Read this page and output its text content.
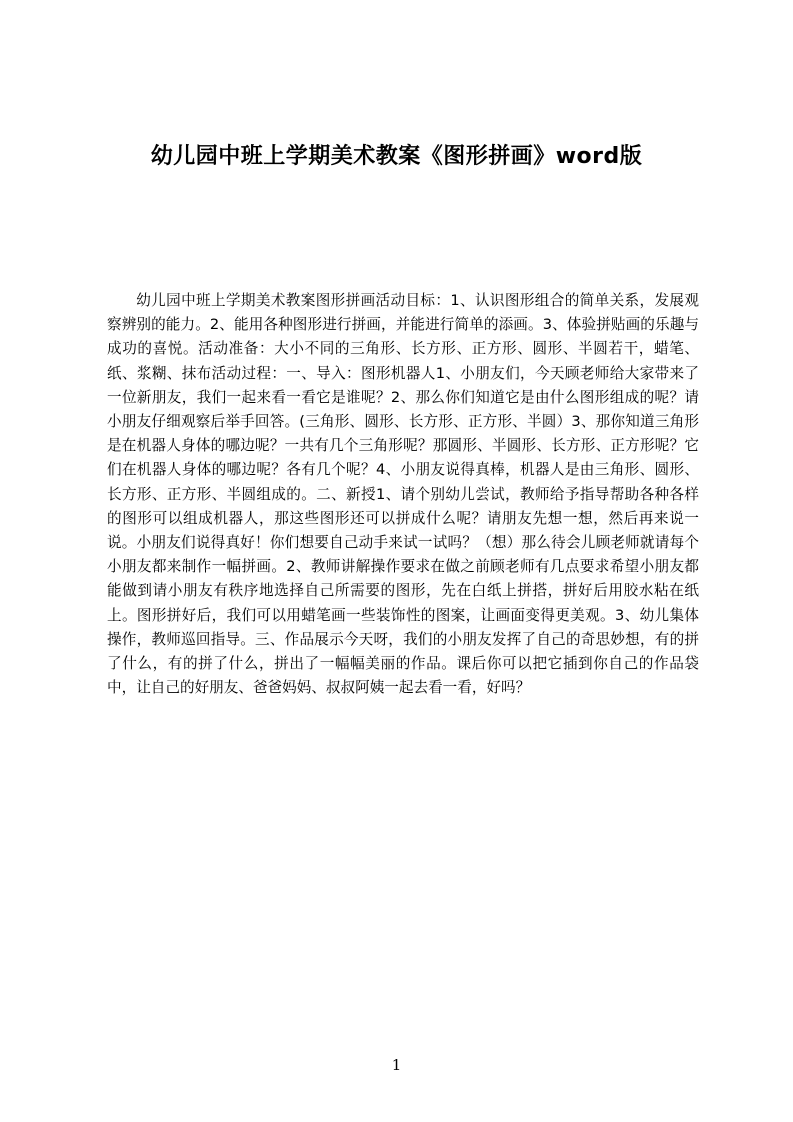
幼儿园中班上学期美术教案《图形拼画》word版

幼儿园中班上学期美术教案图形拼画活动目标：1、认识图形组合的简单关系，发展观察辨别的能力。2、能用各种图形进行拼画，并能进行简单的添画。3、体验拼贴画的乐趣与成功的喜悦。活动准备：大小不同的三角形、长方形、正方形、圆形、半圆若干，蜡笔、纸、浆糊、抹布活动过程：一、导入：图形机器人1、小朋友们，今天顾老师给大家带来了一位新朋友，我们一起来看一看它是谁呢？2、那么你们知道它是由什么图形组成的呢？请小朋友仔细观察后举手回答。(三角形、圆形、长方形、正方形、半圆）3、那你知道三角形是在机器人身体的哪边呢？一共有几个三角形呢？那圆形、半圆形、长方形、正方形呢？它们在机器人身体的哪边呢？各有几个呢？4、小朋友说得真棒，机器人是由三角形、圆形、长方形、正方形、半圆组成的。二、新授1、请个别幼儿尝试，教师给予指导帮助各种各样的图形可以组成机器人，那这些图形还可以拼成什么呢？请朋友先想一想，然后再来说一说。小朋友们说得真好！你们想要自己动手来试一试吗？（想）那么待会儿顾老师就请每个小朋友都来制作一幅拼画。2、教师讲解操作要求在做之前顾老师有几点要求希望小朋友都能做到请小朋友有秩序地选择自己所需要的图形，先在白纸上拼搭，拼好后用胶水粘在纸上。图形拼好后，我们可以用蜡笔画一些装饰性的图案，让画面变得更美观。3、幼儿集体操作，教师巡回指导。三、作品展示今天呀，我们的小朋友发挥了自己的奇思妙想，有的拼了什么，有的拼了什么，拼出了一幅幅美丽的作品。课后你可以把它插到你自己的作品袋中，让自己的好朋友、爸爸妈妈、叔叔阿姨一起去看一看，好吗？

1
